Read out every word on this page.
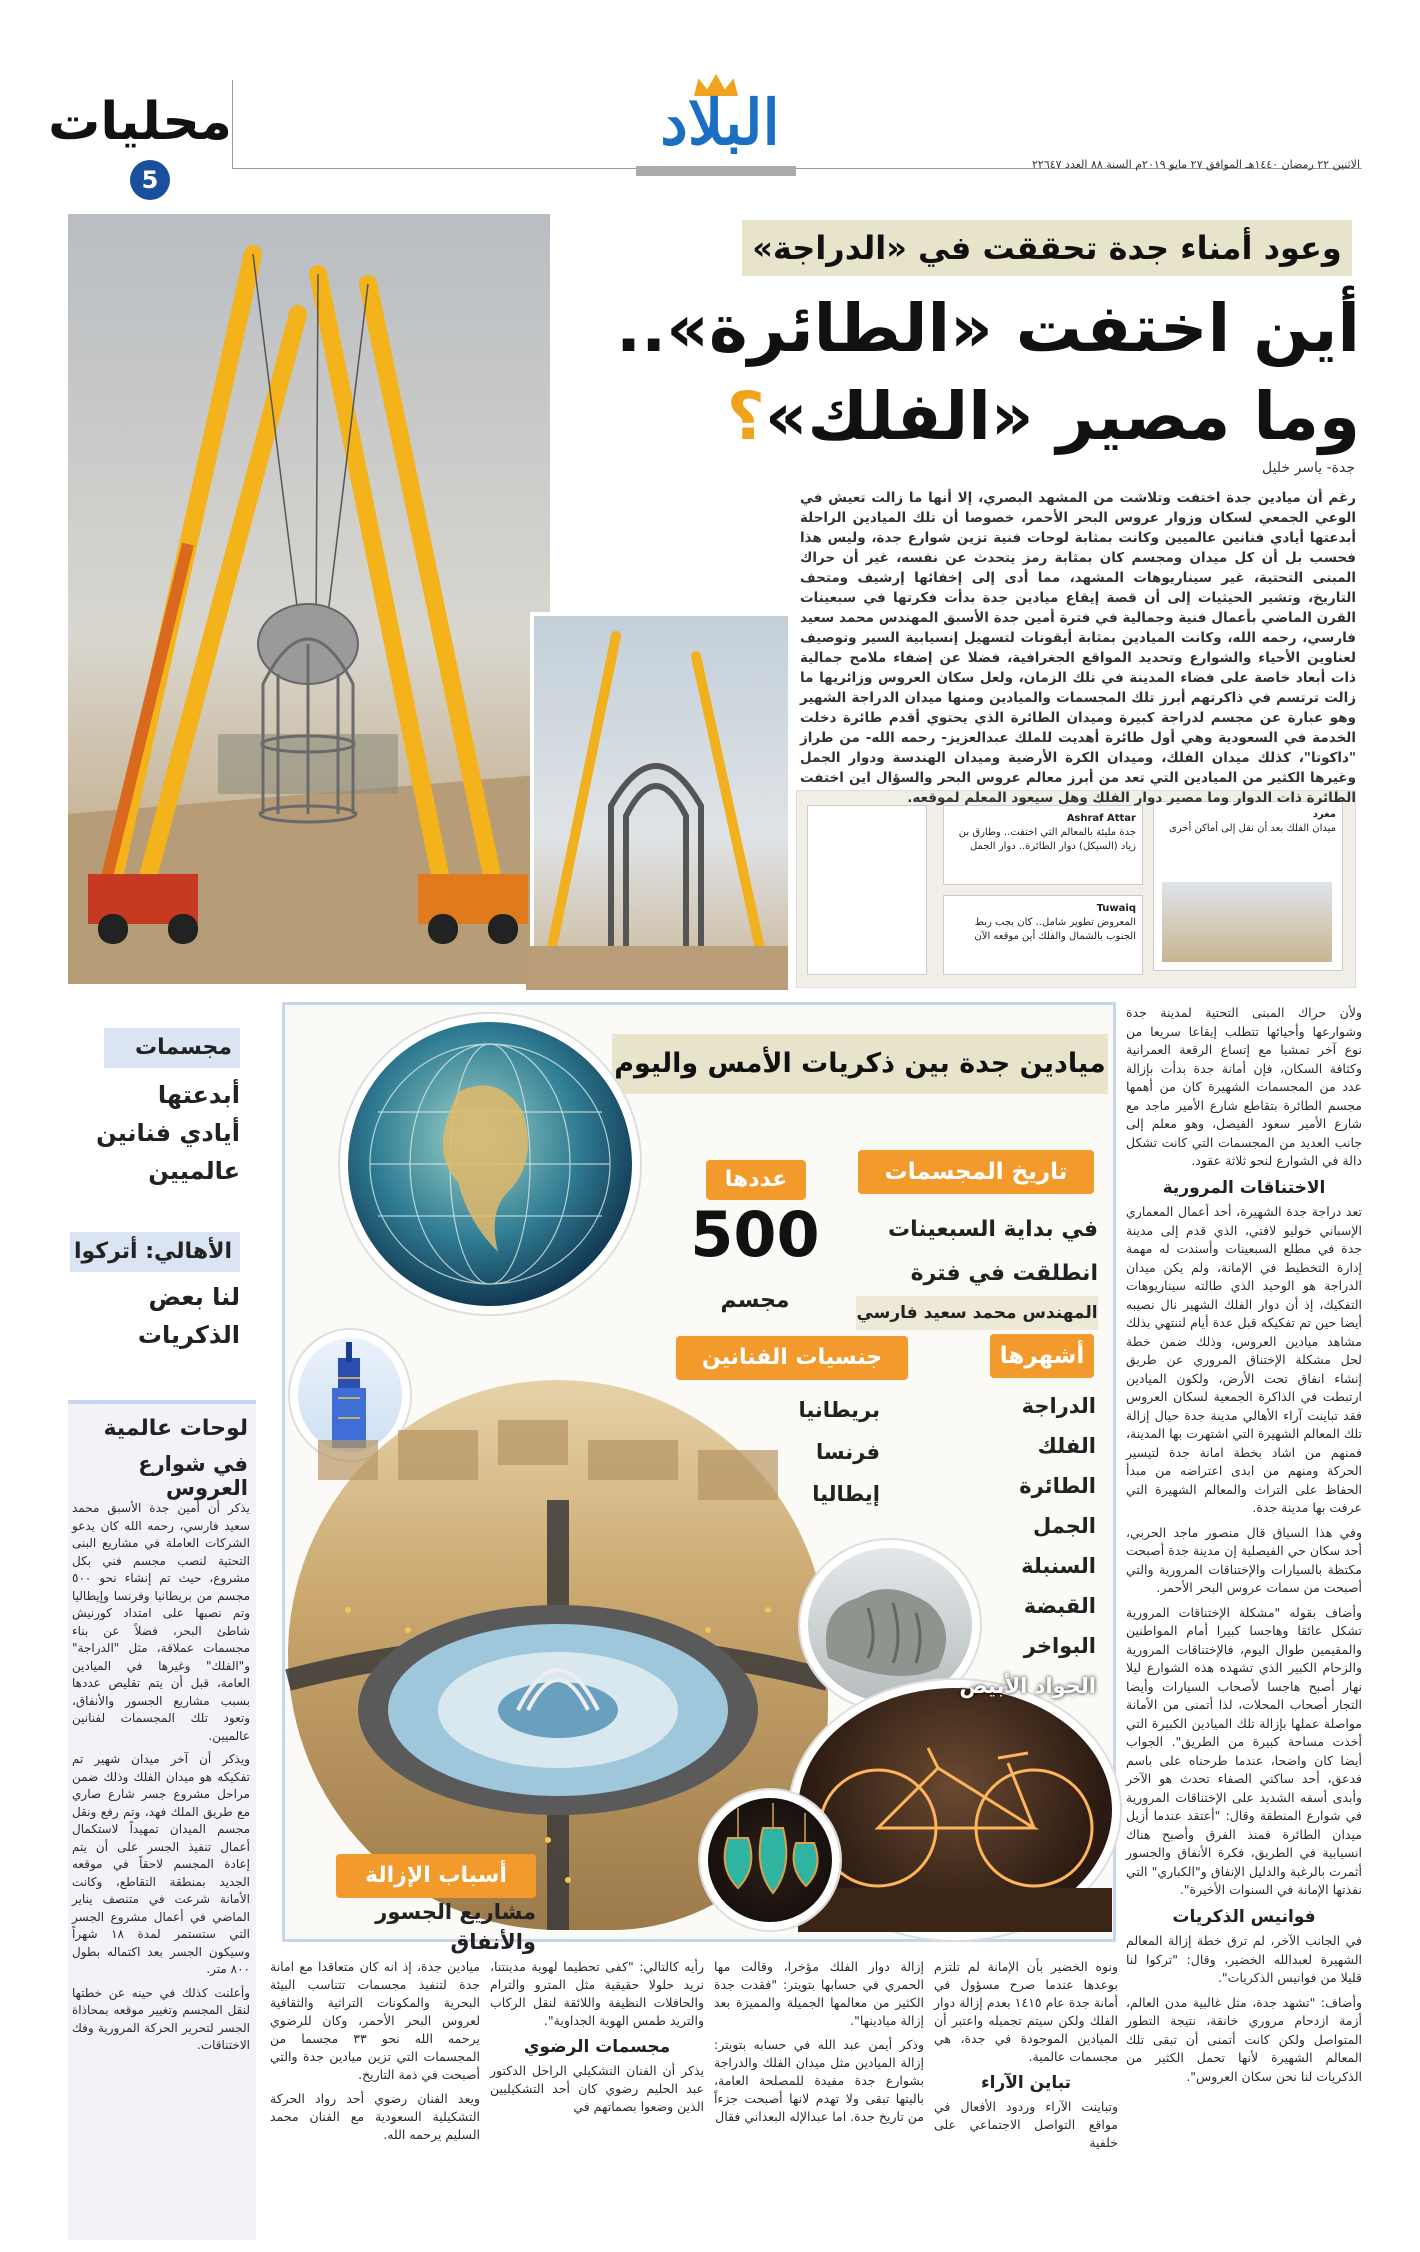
5
محليات	البلاد
الاثنين ٢٢ رمضان ١٤٤٠هـ الموافق ٢٧ مايو ٢٠١٩م السنة ٨٨ العدد ٢٢٦٤٧
وعود أمناء جدة تحققت في «الدراجة»
أين اختفت «الطائرة»..
وما مصير «الفلك»؟
جدة- ياسر خليل
مغرد
ميدان الفلك بعد أن نقل إلى أماكن أخرى
Ashraf Attar
جدة مليئة بالمعالم التي اختفت.. وطارق بن زياد (السيكل) دوار الطائرة.. دوار الجمل
Tuwaiq
المعروض تطوير شامل.. كان يجب ربط الجنوب بالشمال والفلك أين موقعه الآن
رغم أن ميادين جدة اختفت وتلاشت من المشهد البصري، إلا أنها ما زالت تعيش في الوعي الجمعي لسكان وزوار عروس البحر الأحمر، خصوصا أن تلك الميادين الراحلة أبدعتها أيادي فنانين عالميين وكانت بمثابة لوحات فنية تزين شوارع جدة، وليس هذا فحسب بل أن كل ميدان ومجسم كان بمثابة رمز يتحدث عن نفسه، غير أن حراك المبنى التحتية، غير سيناريوهات المشهد، مما أدى إلى إخفائها إرشيف ومتحف التاريخ، وتشير الحيثيات إلى أن قصة إيقاع ميادين جدة بدأت فكرتها في سبعينات القرن الماضي بأعمال فنية وجمالية في فترة أمين جدة الأسبق المهندس محمد سعيد فارسي، رحمه الله، وكانت الميادين بمثابة أيقونات لتسهيل إنسيابية السير وتوصيف لعناوين الأحياء والشوارع وتحديد المواقع الجغرافية، فضلا عن إضفاء ملامح جمالية ذات أبعاد خاصة على فضاء المدينة في تلك الزمان، ولعل سكان العروس وزائريها ما زالت ترتسم في ذاكرتهم أبرز تلك المجسمات والميادين ومنها ميدان الدراجة الشهير وهو عبارة عن مجسم لدراجة كبيرة وميدان الطائرة الذي يحتوي أقدم طائرة دخلت الخدمة في السعودية وهي أول طائرة أهديت للملك عبدالعزيز- رحمه الله- من طراز "داكوتا"، كذلك ميدان الفلك، وميدان الكرة الأرضية وميدان الهندسة ودوار الجمل وغيرها الكثير من الميادين التي تعد من أبرز معالم عروس البحر والسؤال اين اختفت الطائرة ذات الدوار وما مصير دوار الفلك وهل سيعود المعلم لموقعه.

ولأن حراك المبنى التحتية لمدينة جدة وشوارعها وأحيائها تتطلب إيقاعا سريعا من نوع آخر تمشيا مع إتساع الرقعة العمرانية وكثافة السكان، فإن أمانة جدة بدأت بإزالة عدد من المجسمات الشهيرة كان من أهمها مجسم الطائرة بتقاطع شارع الأمير ماجد مع شارع الأمير سعود الفيصل، وهو معلم إلى جانب العديد من المجسمات التي كانت تشكل دالة في الشوارع لنحو ثلاثة عقود.

الاختناقات المرورية

تعد دراجة جدة الشهيرة، أحد أعمال المعماري الإسباني خوليو لافتي، الذي قدم إلى مدينة جدة في مطلع السبعينات وأسندت له مهمة إدارة التخطيط في الإمانة، ولم يكن ميدان الدراجة هو الوحيد الذي طالته سيناريوهات التفكيك، إذ أن دوار الفلك الشهير نال نصيبه أيضا حين تم تفكيكه قبل عدة أيام لتنتهي بذلك مشاهد ميادين العروس، وذلك ضمن خطة لحل مشكلة الإختناق المروري عن طريق إنشاء انفاق تحت الأرض، ولكون الميادين ارتبطت في الذاكرة الجمعية لسكان العروس فقد تباينت آراء الأهالي مدينة جدة حيال إزالة تلك المعالم الشهيرة التي اشتهرت بها المدينة، فمنهم من اشاد بخطة امانة جدة لتيسير الحركة ومنهم من ابدى اعتراضه من مبدأ الحفاظ على التراث والمعالم الشهيرة التي عرفت بها مدينة جدة.

وفي هذا السياق قال منصور ماجد الحربي، أحد سكان حي الفيصلية إن مدينة جدة أصبحت مكتظة بالسيارات والإختناقات المرورية والتي أصبحت من سمات عروس البحر الأحمر.

وأضاف بقوله "مشكلة الإختناقات المرورية تشكل عائقا وهاجسا كبيرا أمام المواطنين والمقيمين طوال اليوم، فالإختناقات المرورية والزحام الكبير الذي تشهده هذه الشوارع ليلا نهار أصبح هاجسا لأصحاب السيارات وأيضا التجار أصحاب المحلات، لذا أتمنى من الأمانة مواصلة عملها بإزالة تلك الميادين الكبيرة التي أخذت مساحة كبيرة من الطريق". الجواب أيضا كان واضحا، عندما طرحناه على باسم فدعق، أحد ساكني الصفاء تحدث هو الآخر وأبدى أسفه الشديد على الإختناقات المرورية في شوارع المنطقة وقال: "أعتقد عندما أزيل ميدان الطائرة فمنذ الفرق وأصبح هناك انسيابية في الطريق، فكرة الأنفاق والجسور أثمرت بالرغبة والدليل الإنفاق و"الكباري" التي نفذتها الإمانة في السنوات الأخيرة".

فوانيس الذكريات

في الجانب الآخر، لم ترق خطة إزالة المعالم الشهيرة لعبدالله الخضير، وقال: "تركوا لنا قليلا من فوانيس الذكريات".

وأضاف: "تشهد جدة، مثل غالبية مدن العالم، أزمة ازدحام مروري خانقة، نتيجة التطور المتواصل ولكن كانت أتمنى أن تبقى تلك المعالم الشهيرة لأنها تحمل الكثير من الذكريات لنا نحن سكان العروس".

ميادين جدة بين ذكريات الأمس واليوم
تاريخ المجسمات
في بداية السبعينات
انطلقت في فترة
المهندس محمد سعيد فارسي
عددها
500
مجسم
جنسيات الفنانين
بريطانيا
فرنسا
إيطاليا
أشهرها
الدراجة
الفلك
الطائرة
الجمل
السنبلة
القبضة
البواخر
الجواد الأبيض
أسباب الإزالة
مشاريع الجسور
والأنفاق
مجسمات
أبدعتها
أيادي فنانين
عالميين
الأهالي: أتركوا
لنا بعض
الذكريات
لوحات عالمية
في شوارع العروس

يذكر أن أمين جدة الأسبق محمد سعيد فارسي، رحمه الله كان يدعو الشركات العاملة في مشاريع البنى التحتية لنصب مجسم فني بكل مشروع، حيث تم إنشاء نحو ٥٠٠ مجسم من بريطانيا وفرنسا وإيطاليا وتم نصبها على امتداد كورنيش شاطئ البحر، فضلاً عن بناء مجسمات عملاقة، مثل "الدراجة" و"الفلك" وغيرها في الميادين العامة، قبل أن يتم تقليص عددها بسبب مشاريع الجسور والأنفاق، وتعود تلك المجسمات لفنانين عالميين.

ويذكر أن آخر ميدان شهير تم تفكيكه هو ميدان الفلك وذلك ضمن مراحل مشروع جسر شارع صاري مع طريق الملك فهد، وتم رفع ونقل مجسم الميدان تمهيداً لاستكمال أعمال تنفيذ الجسر على أن يتم إعادة المجسم لاحقاً في موقعه الجديد بمنطقة التقاطع، وكانت الأمانة شرعت في متنصف يناير الماضي في أعمال مشروع الجسر التي ستستمر لمدة ١٨ شهراً وسيكون الجسر بعد اكتماله بطول ٨٠٠ متر.

وأعلنت كذلك في حينه عن خطتها لنقل المجسم وتغيير موقعه بمحاذاة الجسر لتحرير الحركة المرورية وفك الاختناقات.

ونوه الخضير بأن الإمانة لم تلتزم بوعدها عندما صرح مسؤول في أمانة جدة عام ١٤١٥ بعدم إزالة دوار الفلك ولكن سيتم تجميله واعتبر أن الميادين الموجودة في جدة، هي مجسمات عالمية.

تباين الآراء

وتباينت الآراء وردود الأفعال في مواقع التواصل الاجتماعي على خلفية

إزالة دوار الفلك مؤخرا، وقالت مها الحمري في حسابها بتويتر: "فقدت جدة الكثير من معالمها الجميلة والمميزة بعد إزالة ميادينها".

وذكر أيمن عبد الله في حسابه بتويتر: إزالة الميادين مثل ميدان الفلك والدراجة بشوارع جدة مفيدة للمصلحة العامة، باليتها تبقى ولا تهدم لانها أصبحت جزءاً من تاريخ جدة. اما عبدالإله البعداني فقال

رأيه كالتالي: "كفى تحطيما لهوية مدينتنا، نريد حلولا حقيقية مثل المترو والترام والحافلات النظيفة واللائقة لنقل الركاب والتريد طمس الهوية الجداوية".

مجسمات الرضوي

يذكر أن الفنان التشكيلي الراحل الدكتور عبد الحليم رضوي كان أحد التشكيليين الذين وضعوا بصماتهم في

ميادين جدة، إذ انه كان متعاقدا مع امانة جدة لتنفيذ مجسمات تتناسب البيئة البحرية والمكونات التراثية والثقافية لعروس البحر الأحمر، وكان للرضوي يرحمه الله نحو ٣٣ مجسما من المجسمات التي تزين ميادين جدة والتي أصبحت في ذمة التاريخ.

ويعد الفنان رضوي أحد رواد الحركة التشكيلية السعودية مع الفنان محمد السليم يرحمه الله.
